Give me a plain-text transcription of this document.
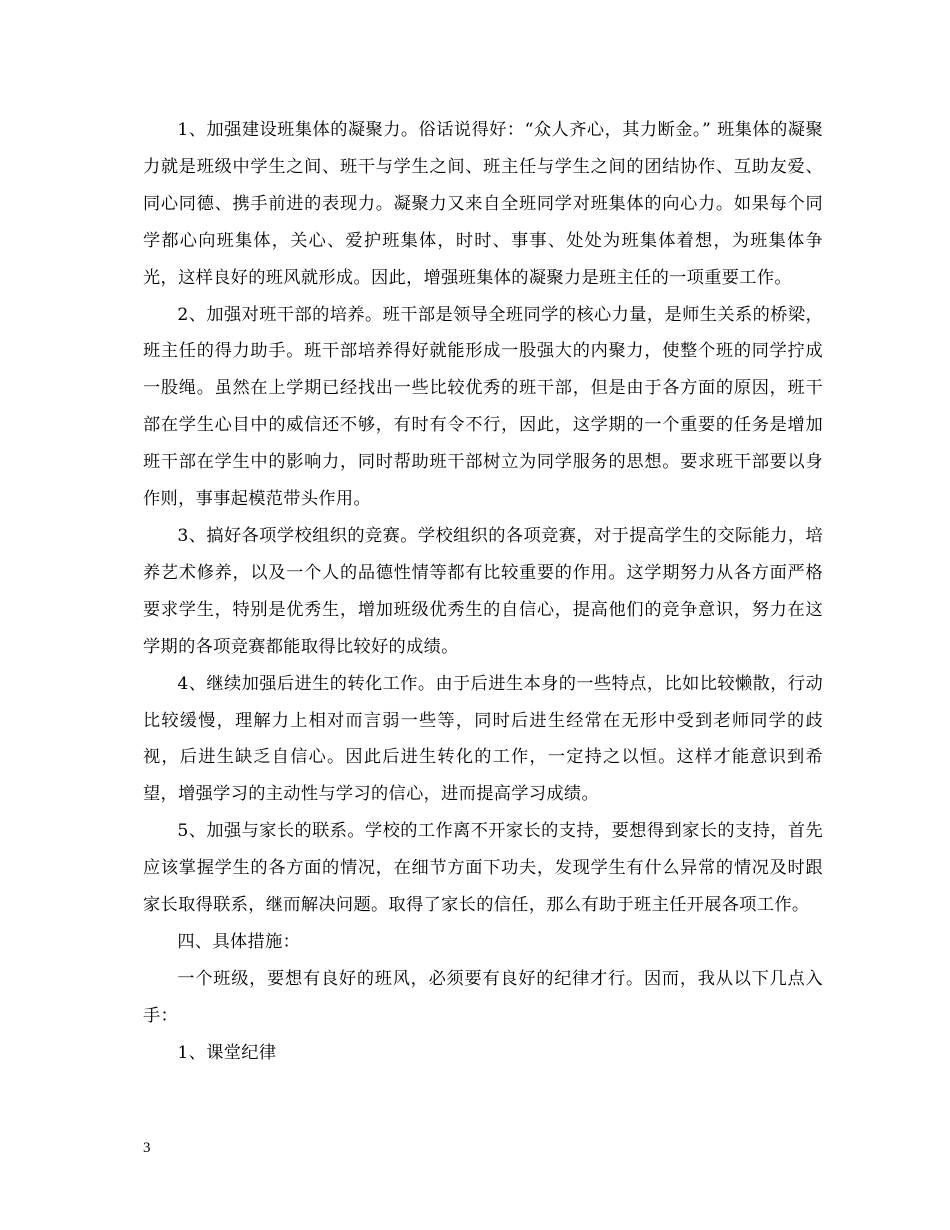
1、加强建设班集体的凝聚力。俗话说得好：“众人齐心，其力断金。” 班集体的凝聚力就是班级中学生之间、班干与学生之间、班主任与学生之间的团结协作、互助友爱、同心同德、携手前进的表现力。凝聚力又来自全班同学对班集体的向心力。如果每个同学都心向班集体，关心、爱护班集体，时时、事事、处处为班集体着想，为班集体争光，这样良好的班风就形成。因此，增强班集体的凝聚力是班主任的一项重要工作。

2、加强对班干部的培养。班干部是领导全班同学的核心力量，是师生关系的桥梁，班主任的得力助手。班干部培养得好就能形成一股强大的内聚力，使整个班的同学拧成一股绳。虽然在上学期已经找出一些比较优秀的班干部，但是由于各方面的原因，班干部在学生心目中的威信还不够，有时有令不行，因此，这学期的一个重要的任务是增加班干部在学生中的影响力，同时帮助班干部树立为同学服务的思想。要求班干部要以身作则，事事起模范带头作用。

3、搞好各项学校组织的竞赛。学校组织的各项竞赛，对于提高学生的交际能力，培养艺术修养，以及一个人的品德性情等都有比较重要的作用。这学期努力从各方面严格要求学生，特别是优秀生，增加班级优秀生的自信心，提高他们的竞争意识，努力在这学期的各项竞赛都能取得比较好的成绩。

4、继续加强后进生的转化工作。由于后进生本身的一些特点，比如比较懒散，行动比较缓慢，理解力上相对而言弱一些等，同时后进生经常在无形中受到老师同学的歧视，后进生缺乏自信心。因此后进生转化的工作，一定持之以恒。这样才能意识到希望，增强学习的主动性与学习的信心，进而提高学习成绩。

5、加强与家长的联系。学校的工作离不开家长的支持，要想得到家长的支持，首先应该掌握学生的各方面的情况，在细节方面下功夫，发现学生有什么异常的情况及时跟家长取得联系，继而解决问题。取得了家长的信任，那么有助于班主任开展各项工作。

四、具体措施：

一个班级，要想有良好的班风，必须要有良好的纪律才行。因而，我从以下几点入手：

1、课堂纪律

3
